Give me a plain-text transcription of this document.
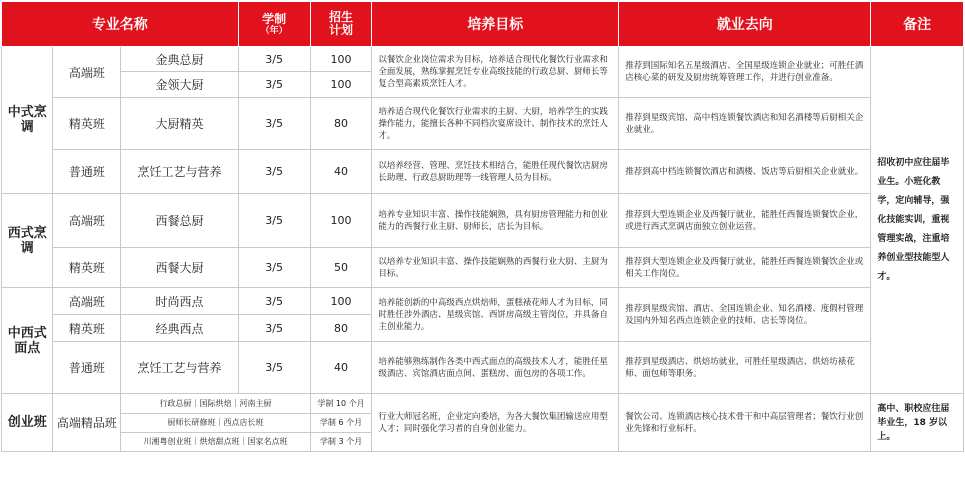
专业名称			学制
（年）	招生
计划	培养目标	就业去向	备注
中式烹调	高端班	金典总厨	3/5	100	以餐饮企业岗位需求为目标，培养适合现代化餐饮行业需求和全面发展，熟练掌握烹饪专业高级技能的行政总厨、厨师长等复合型高素质烹饪人才。	推荐到国际知名五星级酒店、全国星级连锁企业就业；可胜任酒店核心菜的研发及厨房统筹管理工作，并进行创业准备。	招收初中应往届毕业生。小班化教学，定向辅导，强化技能实训，重视管理实战，注重培养创业型技能型人才。
		金领大厨	3/5	100			
	精英班	大厨精英	3/5	80	培养适合现代化餐饮行业需求的主厨、大厨，培养学生的实践操作能力，能擅长各种不同档次宴席设计、制作技术的烹饪人才。	推荐到星级宾馆、高中档连锁餐饮酒店和知名酒楼等后厨相关企业就业。	
	普通班	烹饪工艺与营养	3/5	40	以培养经营、管理、烹饪技术相结合，能胜任现代餐饮店厨房长助理、行政总厨助理等一线管理人员为目标。	推荐到高中档连锁餐饮酒店和酒楼、饭店等后厨相关企业就业。	
西式烹调	高端班	西餐总厨	3/5	100	培养专业知识丰富、操作技能娴熟，具有厨房管理能力和创业能力的西餐行业主厨、厨师长，店长为目标。	推荐到大型连锁企业及西餐厅就业，能胜任西餐连锁餐饮企业，或进行西式烹调店面独立创业运营。	
	精英班	西餐大厨	3/5	50	以培养专业知识丰富、操作技能娴熟的西餐行业大厨、主厨为目标。	推荐到大型连锁企业及西餐厅就业，能胜任西餐连锁餐饮企业或相关工作岗位。	
中西式面点	高端班	时尚西点	3/5	100	培养能创新的中高级西点烘焙师，蛋糕裱花师人才为目标，同时胜任涉外酒店、星级宾馆、西饼房高级主管岗位，并具备自主创业能力。	推荐到星级宾馆、酒店、全国连锁企业、知名酒楼、度假村管理及国内外知名西点连锁企业的技师、店长等岗位。	
	精英班	经典西点	3/5	80			
	普通班	烹饪工艺与营养	3/5	40	培养能够熟练制作各类中西式面点的高级技术人才，能胜任星级酒店、宾馆酒店面点间、蛋糕房、面包房的各项工作。	推荐到星级酒店、烘焙坊就业，可胜任星级酒店、烘焙坊裱花师、面包师等职务。	
创业班	高端精品班	行政总厨｜国际烘焙｜河南主厨		学制 10 个月	行业大师冠名班，企业定向委培，为各大餐饮集团输送应用型人才；同时强化学习者的自身创业能力。	餐饮公司、连锁酒店核心技术骨干和中高层管理者；餐饮行业创业先锋和行业标杆。	高中、职校应往届毕业生，18 岁以上。
		厨师长研修班｜西点店长班		学制 6 个月			
		川湘粤创业班｜烘焙甜点班｜国家名点班		学制 3 个月			
